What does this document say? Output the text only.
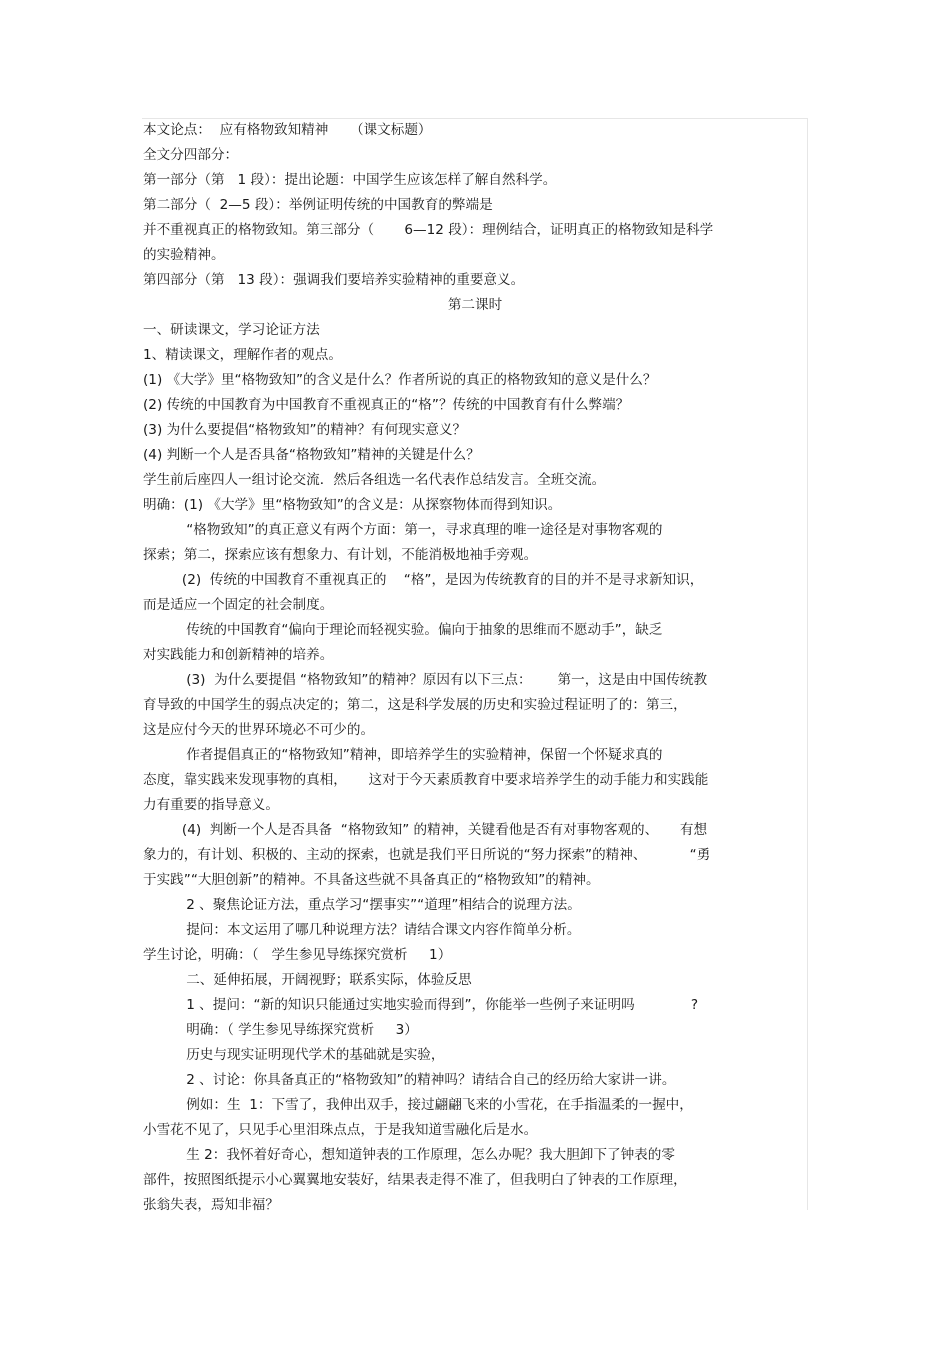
本文论点：  应有格物致知精神     （课文标题）
全文分四部分：
第一部分（第   1 段）：提出论题：中国学生应该怎样了解自然科学。
第二部分（  2—5 段）：举例证明传统的中国教育的弊端是
并不重视真正的格物致知。第三部分（       6—12 段）：理例结合，证明真正的格物致知是科学
的实验精神。
第四部分（第   13 段）：强调我们要培养实验精神的重要意义。
第二课时
一、研读课文，学习论证方法
1、精读课文，理解作者的观点。
(1) 《大学》里“格物致知”的含义是什么？作者所说的真正的格物致知的意义是什么？
(2) 传统的中国教育为中国教育不重视真正的“格”？传统的中国教育有什么弊端？
(3) 为什么要提倡“格物致知”的精神？有何现实意义？
(4) 判断一个人是否具备“格物致知”精神的关键是什么？
学生前后座四人一组讨论交流．然后各组选一名代表作总结发言。全班交流。
明确：(1) 《大学》里“格物致知”的含义是：从探察物体而得到知识。
“格物致知”的真正意义有两个方面：第一，寻求真理的唯一途径是对事物客观的
探索；第二，探索应该有想象力、有计划，不能消极地袖手旁观。
(2)  传统的中国教育不重视真正的    “格”，是因为传统教育的目的并不是寻求新知识，
而是适应一个固定的社会制度。
传统的中国教育“偏向于理论而轻视实验。偏向于抽象的思维而不愿动手”，缺乏
对实践能力和创新精神的培养。
(3)  为什么要提倡 “格物致知”的精神？原因有以下三点：      第一，这是由中国传统教
育导致的中国学生的弱点决定的；第二，这是科学发展的历史和实验过程证明了的：第三，
这是应付今天的世界环境必不可少的。
作者提倡真正的“格物致知”精神，即培养学生的实验精神，保留一个怀疑求真的
态度，靠实践来发现事物的真相，     这对于今天素质教育中要求培养学生的动手能力和实践能
力有重要的指导意义。
(4)  判断一个人是否具备  “格物致知” 的精神，关键看他是否有对事物客观的、     有想
象力的，有计划、积极的、主动的探索，也就是我们平日所说的“努力探索”的精神、          “勇
于实践”“大胆创新”的精神。不具备这些就不具备真正的“格物致知”的精神。
2 、聚焦论证方法，重点学习“摆事实”“道理”相结合的说理方法。
提问：本文运用了哪几种说理方法？请结合课文内容作简单分析。
学生讨论，明确：（   学生参见导练探究赏析     1）
二、延伸拓展，开阔视野；联系实际，体验反思
1 、提问：“新的知识只能通过实地实验而得到”，你能举一些例子来证明吗             ?
明确：（ 学生参见导练探究赏析     3）
历史与现实证明现代学术的基础就是实验，
2 、讨论：你具备真正的“格物致知”的精神吗？请结合自己的经历给大家讲一讲。
例如：生  1：下雪了，我伸出双手，接过翩翩飞来的小雪花，在手指温柔的一握中，
小雪花不见了，只见手心里泪珠点点，于是我知道雪融化后是水。
生 2：我怀着好奇心，想知道钟表的工作原理，怎么办呢？我大胆卸下了钟表的零
部件，按照图纸提示小心翼翼地安装好，结果表走得不准了，但我明白了钟表的工作原理，
张翁失表，焉知非福？
